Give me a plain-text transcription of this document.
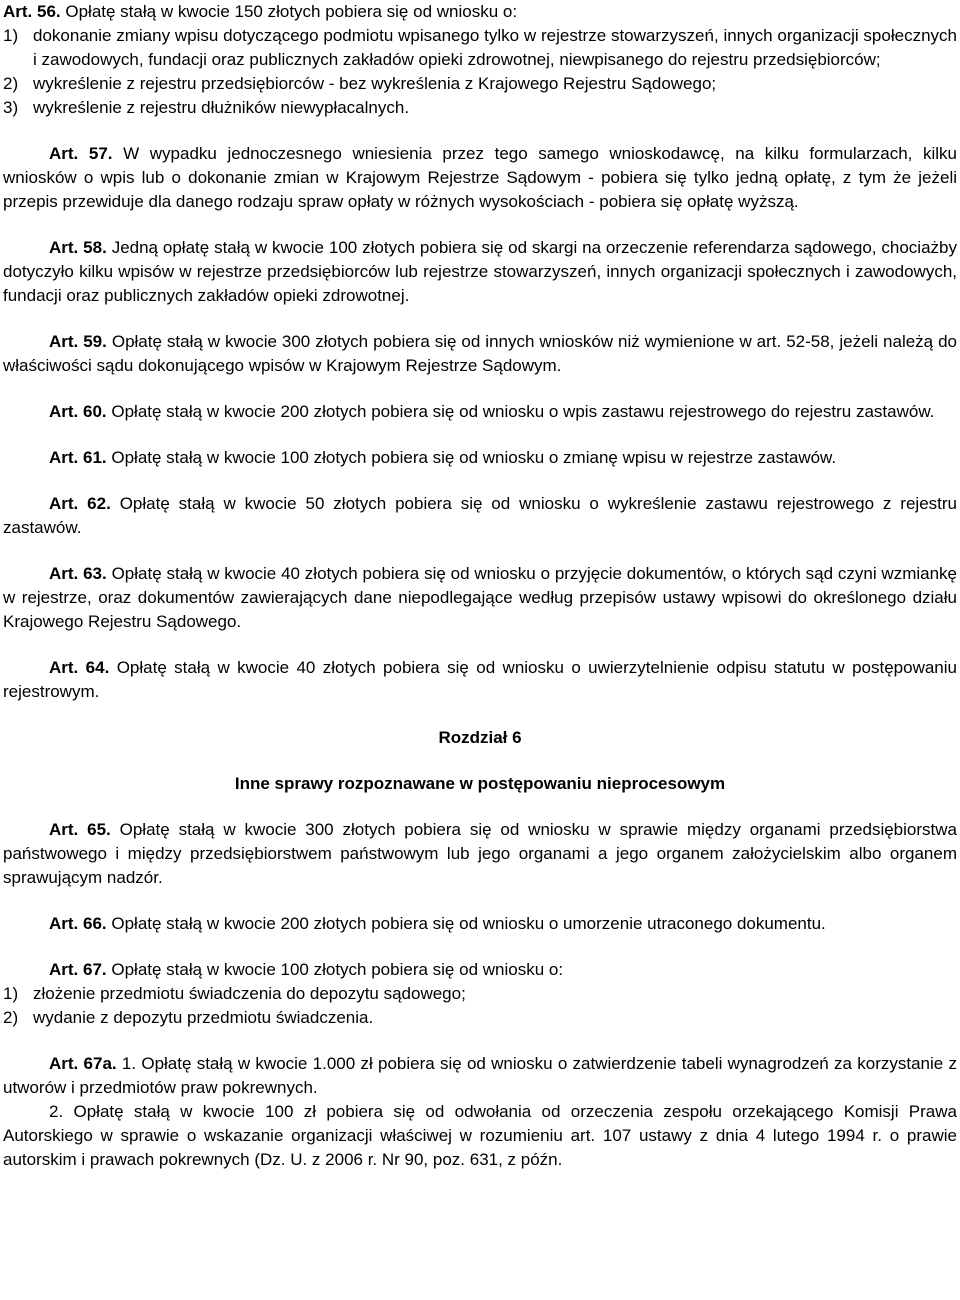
Art. 56. Opłatę stałą w kwocie 150 złotych pobiera się od wniosku o:

1) dokonanie zmiany wpisu dotyczącego podmiotu wpisanego tylko w rejestrze stowarzyszeń, innych organizacji społecznych i zawodowych, fundacji oraz publicznych zakładów opieki zdrowotnej, niewpisanego do rejestru przedsiębiorców;
2) wykreślenie z rejestru przedsiębiorców - bez wykreślenia z Krajowego Rejestru Sądowego;
3) wykreślenie z rejestru dłużników niewypłacalnych.

Art. 57. W wypadku jednoczesnego wniesienia przez tego samego wnioskodawcę, na kilku formularzach, kilku wniosków o wpis lub o dokonanie zmian w Krajowym Rejestrze Sądowym - pobiera się tylko jedną opłatę, z tym że jeżeli przepis przewiduje dla danego rodzaju spraw opłaty w różnych wysokościach - pobiera się opłatę wyższą.

Art. 58. Jedną opłatę stałą w kwocie 100 złotych pobiera się od skargi na orzeczenie referendarza sądowego, chociażby dotyczyło kilku wpisów w rejestrze przedsiębiorców lub rejestrze stowarzyszeń, innych organizacji społecznych i zawodowych, fundacji oraz publicznych zakładów opieki zdrowotnej.

Art. 59. Opłatę stałą w kwocie 300 złotych pobiera się od innych wniosków niż wymienione w art. 52-58, jeżeli należą do właściwości sądu dokonującego wpisów w Krajowym Rejestrze Sądowym.

Art. 60. Opłatę stałą w kwocie 200 złotych pobiera się od wniosku o wpis zastawu rejestrowego do rejestru zastawów.

Art. 61. Opłatę stałą w kwocie 100 złotych pobiera się od wniosku o zmianę wpisu w rejestrze zastawów.

Art. 62. Opłatę stałą w kwocie 50 złotych pobiera się od wniosku o wykreślenie zastawu rejestrowego z rejestru zastawów.

Art. 63. Opłatę stałą w kwocie 40 złotych pobiera się od wniosku o przyjęcie dokumentów, o których sąd czyni wzmiankę w rejestrze, oraz dokumentów zawierających dane niepodlegające według przepisów ustawy wpisowi do określonego działu Krajowego Rejestru Sądowego.

Art. 64. Opłatę stałą w kwocie 40 złotych pobiera się od wniosku o uwierzytelnienie odpisu statutu w postępowaniu rejestrowym.

Rozdział 6

Inne sprawy rozpoznawane w postępowaniu nieprocesowym

Art. 65. Opłatę stałą w kwocie 300 złotych pobiera się od wniosku w sprawie między organami przedsiębiorstwa państwowego i między przedsiębiorstwem państwowym lub jego organami a jego organem założycielskim albo organem sprawującym nadzór.

Art. 66. Opłatę stałą w kwocie 200 złotych pobiera się od wniosku o umorzenie utraconego dokumentu.

Art. 67. Opłatę stałą w kwocie 100 złotych pobiera się od wniosku o:

1) złożenie przedmiotu świadczenia do depozytu sądowego;
2) wydanie z depozytu przedmiotu świadczenia.

Art. 67a. 1. Opłatę stałą w kwocie 1.000 zł pobiera się od wniosku o zatwierdzenie tabeli wynagrodzeń za korzystanie z utworów i przedmiotów praw pokrewnych.

2. Opłatę stałą w kwocie 100 zł pobiera się od odwołania od orzeczenia zespołu orzekającego Komisji Prawa Autorskiego w sprawie o wskazanie organizacji właściwej w rozumieniu art. 107 ustawy z dnia 4 lutego 1994 r. o prawie autorskim i prawach pokrewnych (Dz. U. z 2006 r. Nr 90, poz. 631, z późn.
